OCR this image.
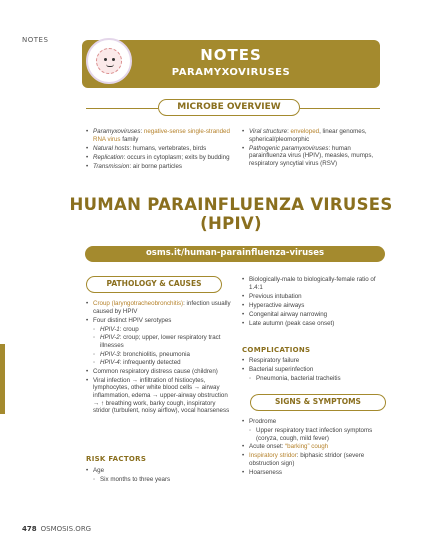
NOTES
NOTES
PARAMYXOVIRUSES
MICROBE OVERVIEW
• Paramyxoviruses: negative-sense single-stranded RNA virus family
• Natural hosts: humans, vertebrates, birds
• Replication: occurs in cytoplasm; exits by budding
• Transmission: air borne particles
• Viral structure: enveloped, linear genomes, spherical/pleomorphic
• Pathogenic paramyxoviruses: human parainfluenza virus (HPIV), measles, mumps, respiratory syncytial virus (RSV)
HUMAN PARAINFLUENZA VIRUSES (HPIV)
osms.it/human-parainfluenza-viruses
PATHOLOGY & CAUSES
• Croup (laryngotracheobronchitis): infection usually caused by HPIV
• Four distinct HPIV serotypes
◦ HPIV-1: croup
◦ HPIV-2: croup; upper, lower respiratory tract illnesses
◦ HPIV-3: bronchiolitis, pneumonia
◦ HPIV-4: infrequently detected
• Common respiratory distress cause (children)
• Viral infection → infiltration of histiocytes, lymphocytes, other white blood cells → airway inflammation, edema → upper-airway obstruction → ↑ breathing work, barky cough, inspiratory stridor (turbulent, noisy airflow), vocal hoarseness
RISK FACTORS
• Age
◦ Six months to three years
• Biologically-male to biologically-female ratio of 1.4:1
• Previous intubation
• Hyperactive airways
• Congenital airway narrowing
• Late autumn (peak case onset)
COMPLICATIONS
• Respiratory failure
• Bacterial superinfection
◦ Pneumonia, bacterial tracheitis
SIGNS & SYMPTOMS
• Prodrome
◦ Upper respiratory tract infection symptoms (coryza, cough, mild fever)
• Acute onset: “barking” cough
• Inspiratory stridor: biphasic stridor (severe obstruction sign)
• Hoarseness
478 OSMOSIS.ORG
